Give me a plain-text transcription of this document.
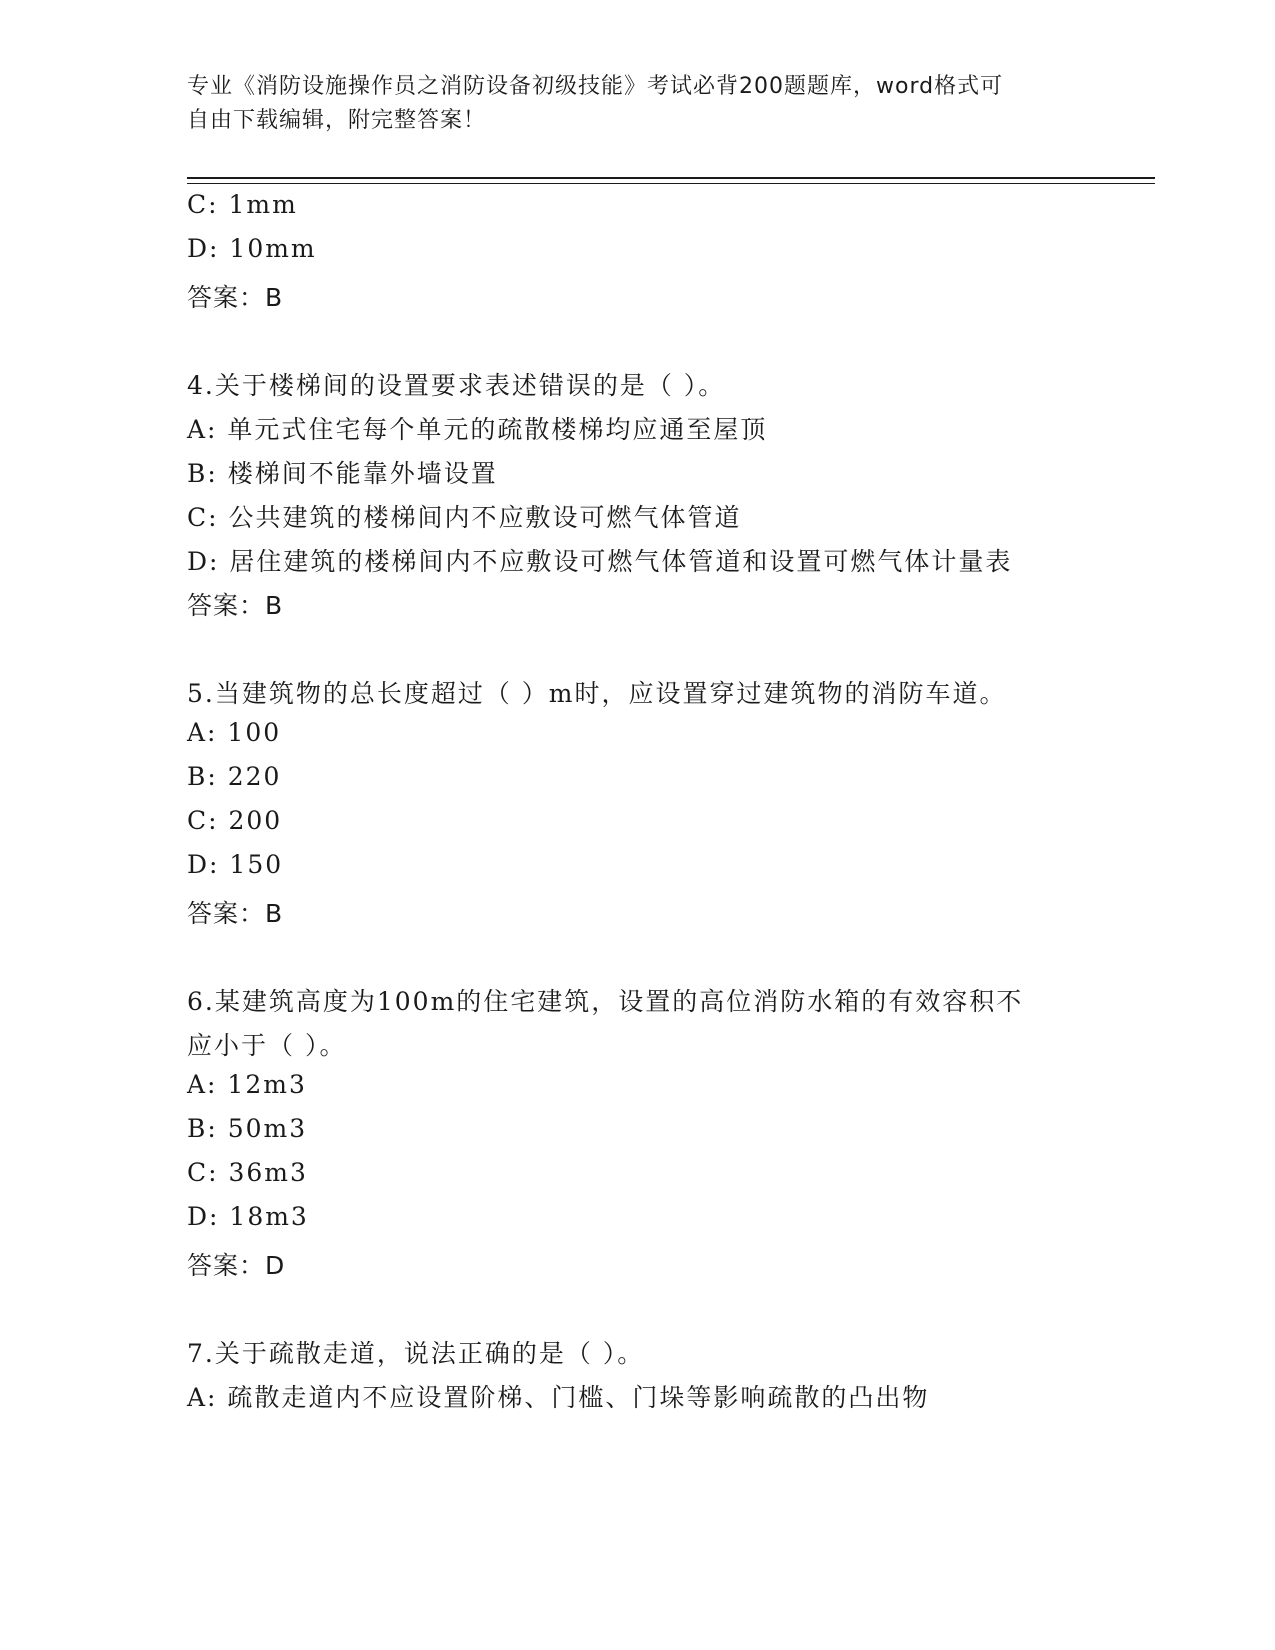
专业《消防设施操作员之消防设备初级技能》考试必背200题题库，word格式可
自由下载编辑，附完整答案！
C: 1mm
D: 10mm
答案：B
4.关于楼梯间的设置要求表述错误的是（ ）。
A: 单元式住宅每个单元的疏散楼梯均应通至屋顶
B: 楼梯间不能靠外墙设置
C: 公共建筑的楼梯间内不应敷设可燃气体管道
D: 居住建筑的楼梯间内不应敷设可燃气体管道和设置可燃气体计量表
答案：B
5.当建筑物的总长度超过（ ）m时，应设置穿过建筑物的消防车道。
A: 100
B: 220
C: 200
D: 150
答案：B
6.某建筑高度为100m的住宅建筑，设置的高位消防水箱的有效容积不
应小于（ ）。
A: 12m3
B: 50m3
C: 36m3
D: 18m3
答案：D
7.关于疏散走道，说法正确的是（ ）。
A: 疏散走道内不应设置阶梯、门槛、门垛等影响疏散的凸出物
